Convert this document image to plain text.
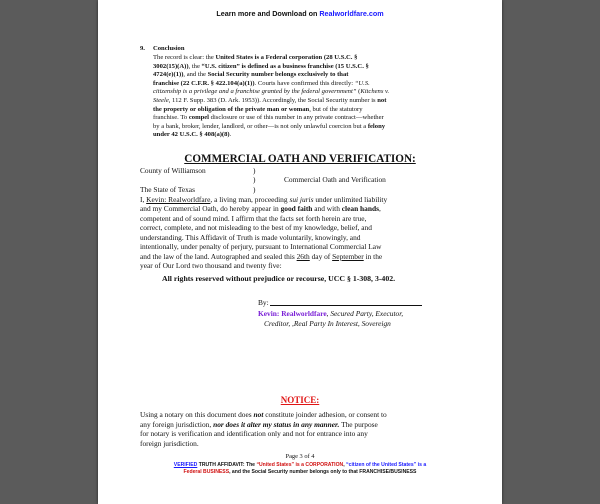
Learn more and Download on Realworldfare.com
9. Conclusion
The record is clear: the United States is a Federal corporation (28 U.S.C. §
3002(15)(A)), the “U.S. citizen” is defined as a business franchise (15 U.S.C. §
4724(e)(1)), and the Social Security number belongs exclusively to that
franchise (22 C.F.R. § 422.104(a)(1)). Courts have confirmed this directly: “U.S.
citizenship is a privilege and a franchise granted by the federal government” (Kitchens v.
Steele, 112 F. Supp. 383 (D. Ark. 1953)). Accordingly, the Social Security number is not
the property or obligation of the private man or woman, but of the statutory
franchise. To compel disclosure or use of this number in any private contract—whether
by a bank, broker, lender, landlord, or other—is not only unlawful coercion but a felony
under 42 U.S.C. § 408(a)(8).
COMMERCIAL OATH AND VERIFICATION:
County of Williamson	)
)	Commercial Oath and Verification
)
The State of Texas
I, Kevin: Realworldfare, a living man, proceeding sui juris under unlimited liability
and my Commercial Oath, do hereby appear in good faith and with clean hands,
competent and of sound mind. I affirm that the facts set forth herein are true,
correct, complete, and not misleading to the best of my knowledge, belief, and
understanding. This Affidavit of Truth is made voluntarily, knowingly, and
intentionally, under penalty of perjury, pursuant to International Commercial Law
and the law of the land. Autographed and sealed this 26th day of September in the
year of Our Lord two thousand and twenty five:
All rights reserved without prejudice or recourse, UCC § 1-308, 3-402.
By:
Kevin: Realworldfare, Secured Party, Executor,
Creditor, ,Real Party In Interest, Sovereign
NOTICE:
Using a notary on this document does not constitute joinder adhesion, or consent to
any foreign jurisdiction, nor does it alter my status in any manner. The purpose
for notary is verification and identification only and not for entrance into any
foreign jurisdiction.
Page 3 of 4
VERIFIED TRUTH AFFIDAVIT: The “United States” is a CORPORATION, “citizen of the United States” is a
Federal BUSINESS, and the Social Security number belongs only to that FRANCHISE/BUSINESS
